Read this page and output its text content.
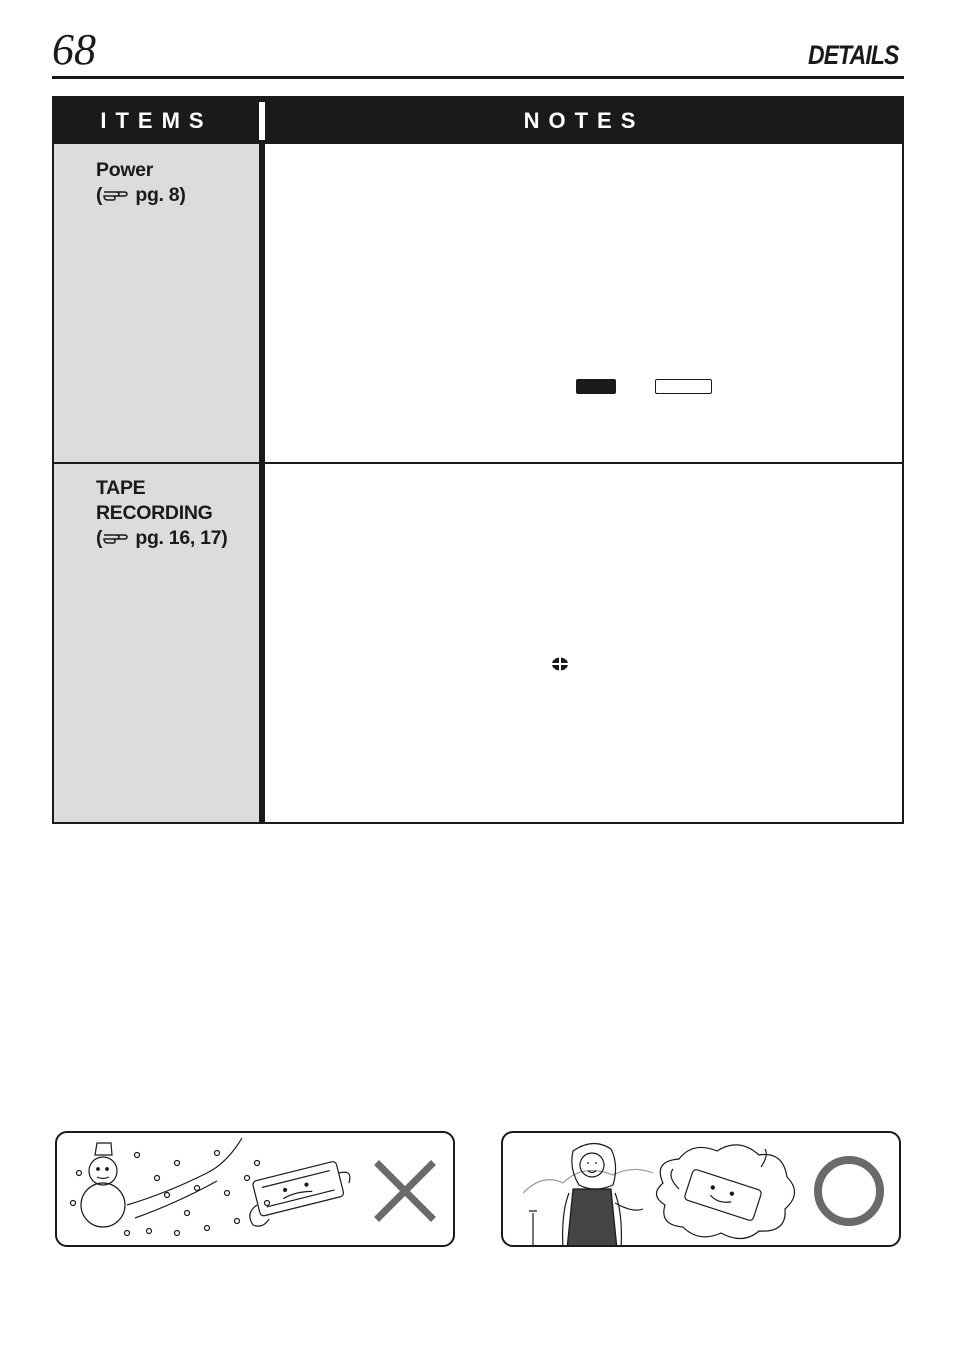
68	DETAILS
ITEMS	NOTES
Power
( pg. 8)
TAPE
RECORDING
( pg. 16, 17)
